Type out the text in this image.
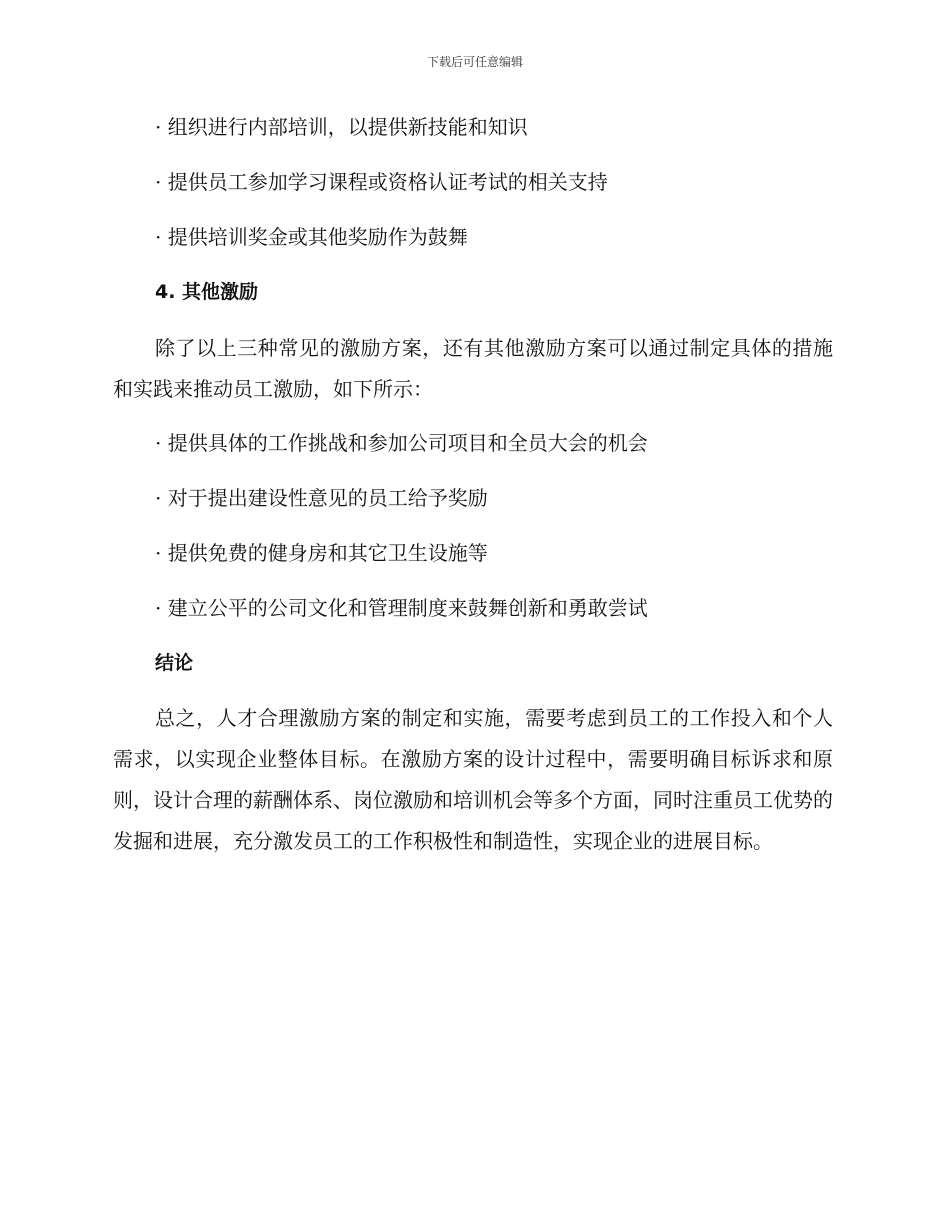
下载后可任意编辑
· 组织进行内部培训，以提供新技能和知识
· 提供员工参加学习课程或资格认证考试的相关支持
· 提供培训奖金或其他奖励作为鼓舞
4. 其他激励
除了以上三种常见的激励方案，还有其他激励方案可以通过制定具体的措施和实践来推动员工激励，如下所示：
· 提供具体的工作挑战和参加公司项目和全员大会的机会
· 对于提出建设性意见的员工给予奖励
· 提供免费的健身房和其它卫生设施等
· 建立公平的公司文化和管理制度来鼓舞创新和勇敢尝试
结论
总之，人才合理激励方案的制定和实施，需要考虑到员工的工作投入和个人需求，以实现企业整体目标。在激励方案的设计过程中，需要明确目标诉求和原则，设计合理的薪酬体系、岗位激励和培训机会等多个方面，同时注重员工优势的发掘和进展，充分激发员工的工作积极性和制造性，实现企业的进展目标。
